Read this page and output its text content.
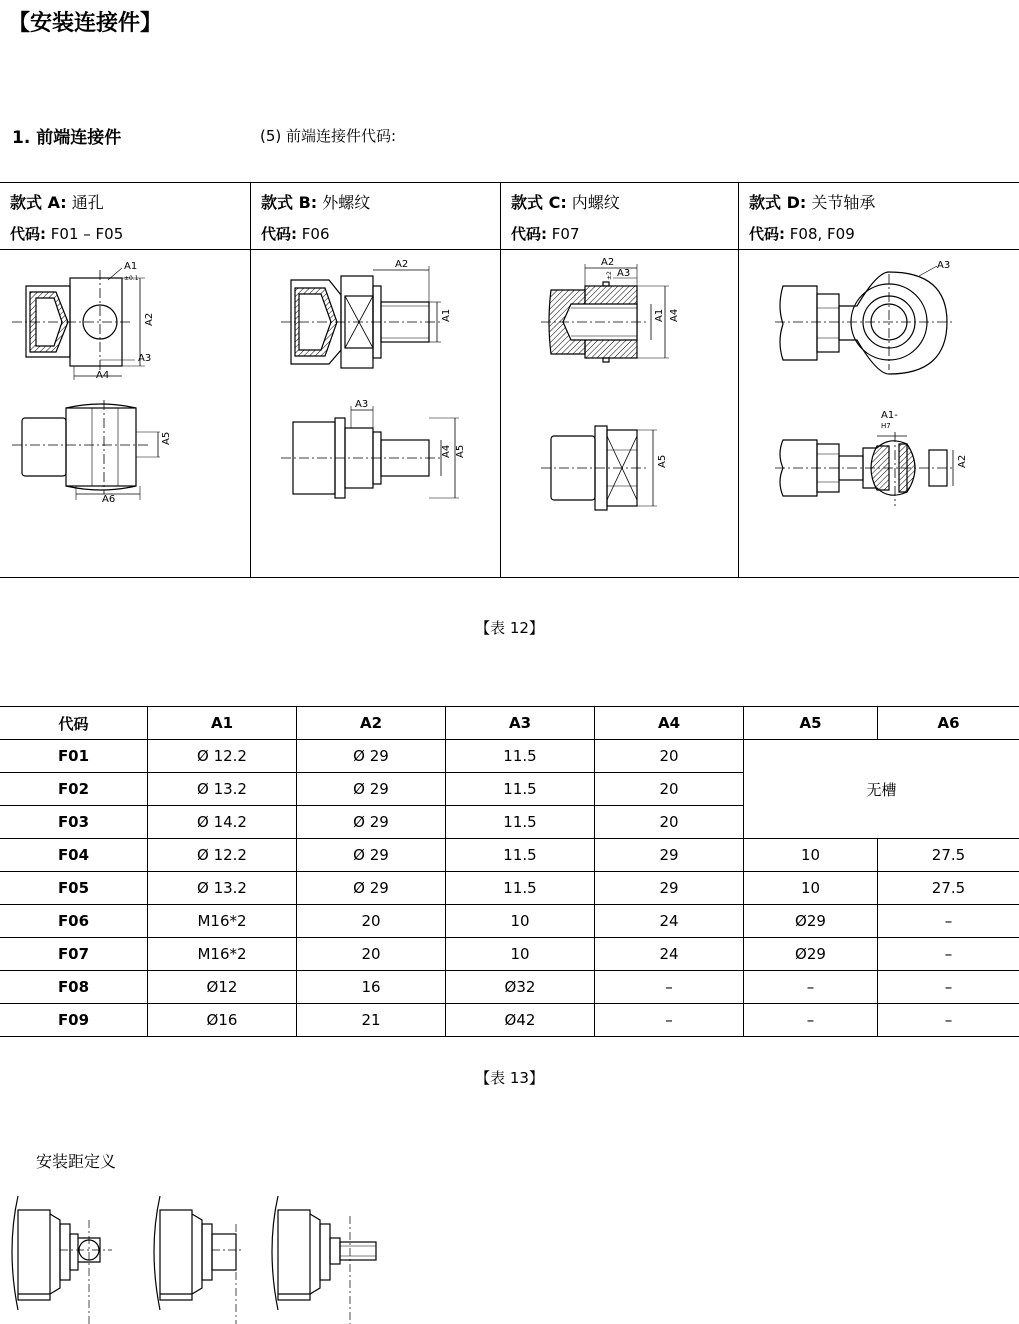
【安装连接件】
1. 前端连接件	(5) 前端连接件代码:
款式 A: 通孔
代码: F01 – F05
A1
±0.1
A2
A3
A4
A5
A6
款式 B: 外螺纹
代码: F06
A2
A1
A3
A4 A5
款式 C: 内螺纹
代码: F07
A2
A3
±2
A1 A4
A5
款式 D: 关节轴承
代码: F08, F09
A3
A1-
H7
A2
【表 12】
代码	A1	A2	A3	A4	A5	A6
F01	Ø 12.2	Ø 29	11.5	20	无槽	
F02	Ø 13.2	Ø 29	11.5	20		
F03	Ø 14.2	Ø 29	11.5	20		
F04	Ø 12.2	Ø 29	11.5	29	10	27.5
F05	Ø 13.2	Ø 29	11.5	29	10	27.5
F06	M16*2	20	10	24	Ø29	–
F07	M16*2	20	10	24	Ø29	–
F08	Ø12	16	Ø32	–	–	–
F09	Ø16	21	Ø42	–	–	–
【表 13】
安装距定义
